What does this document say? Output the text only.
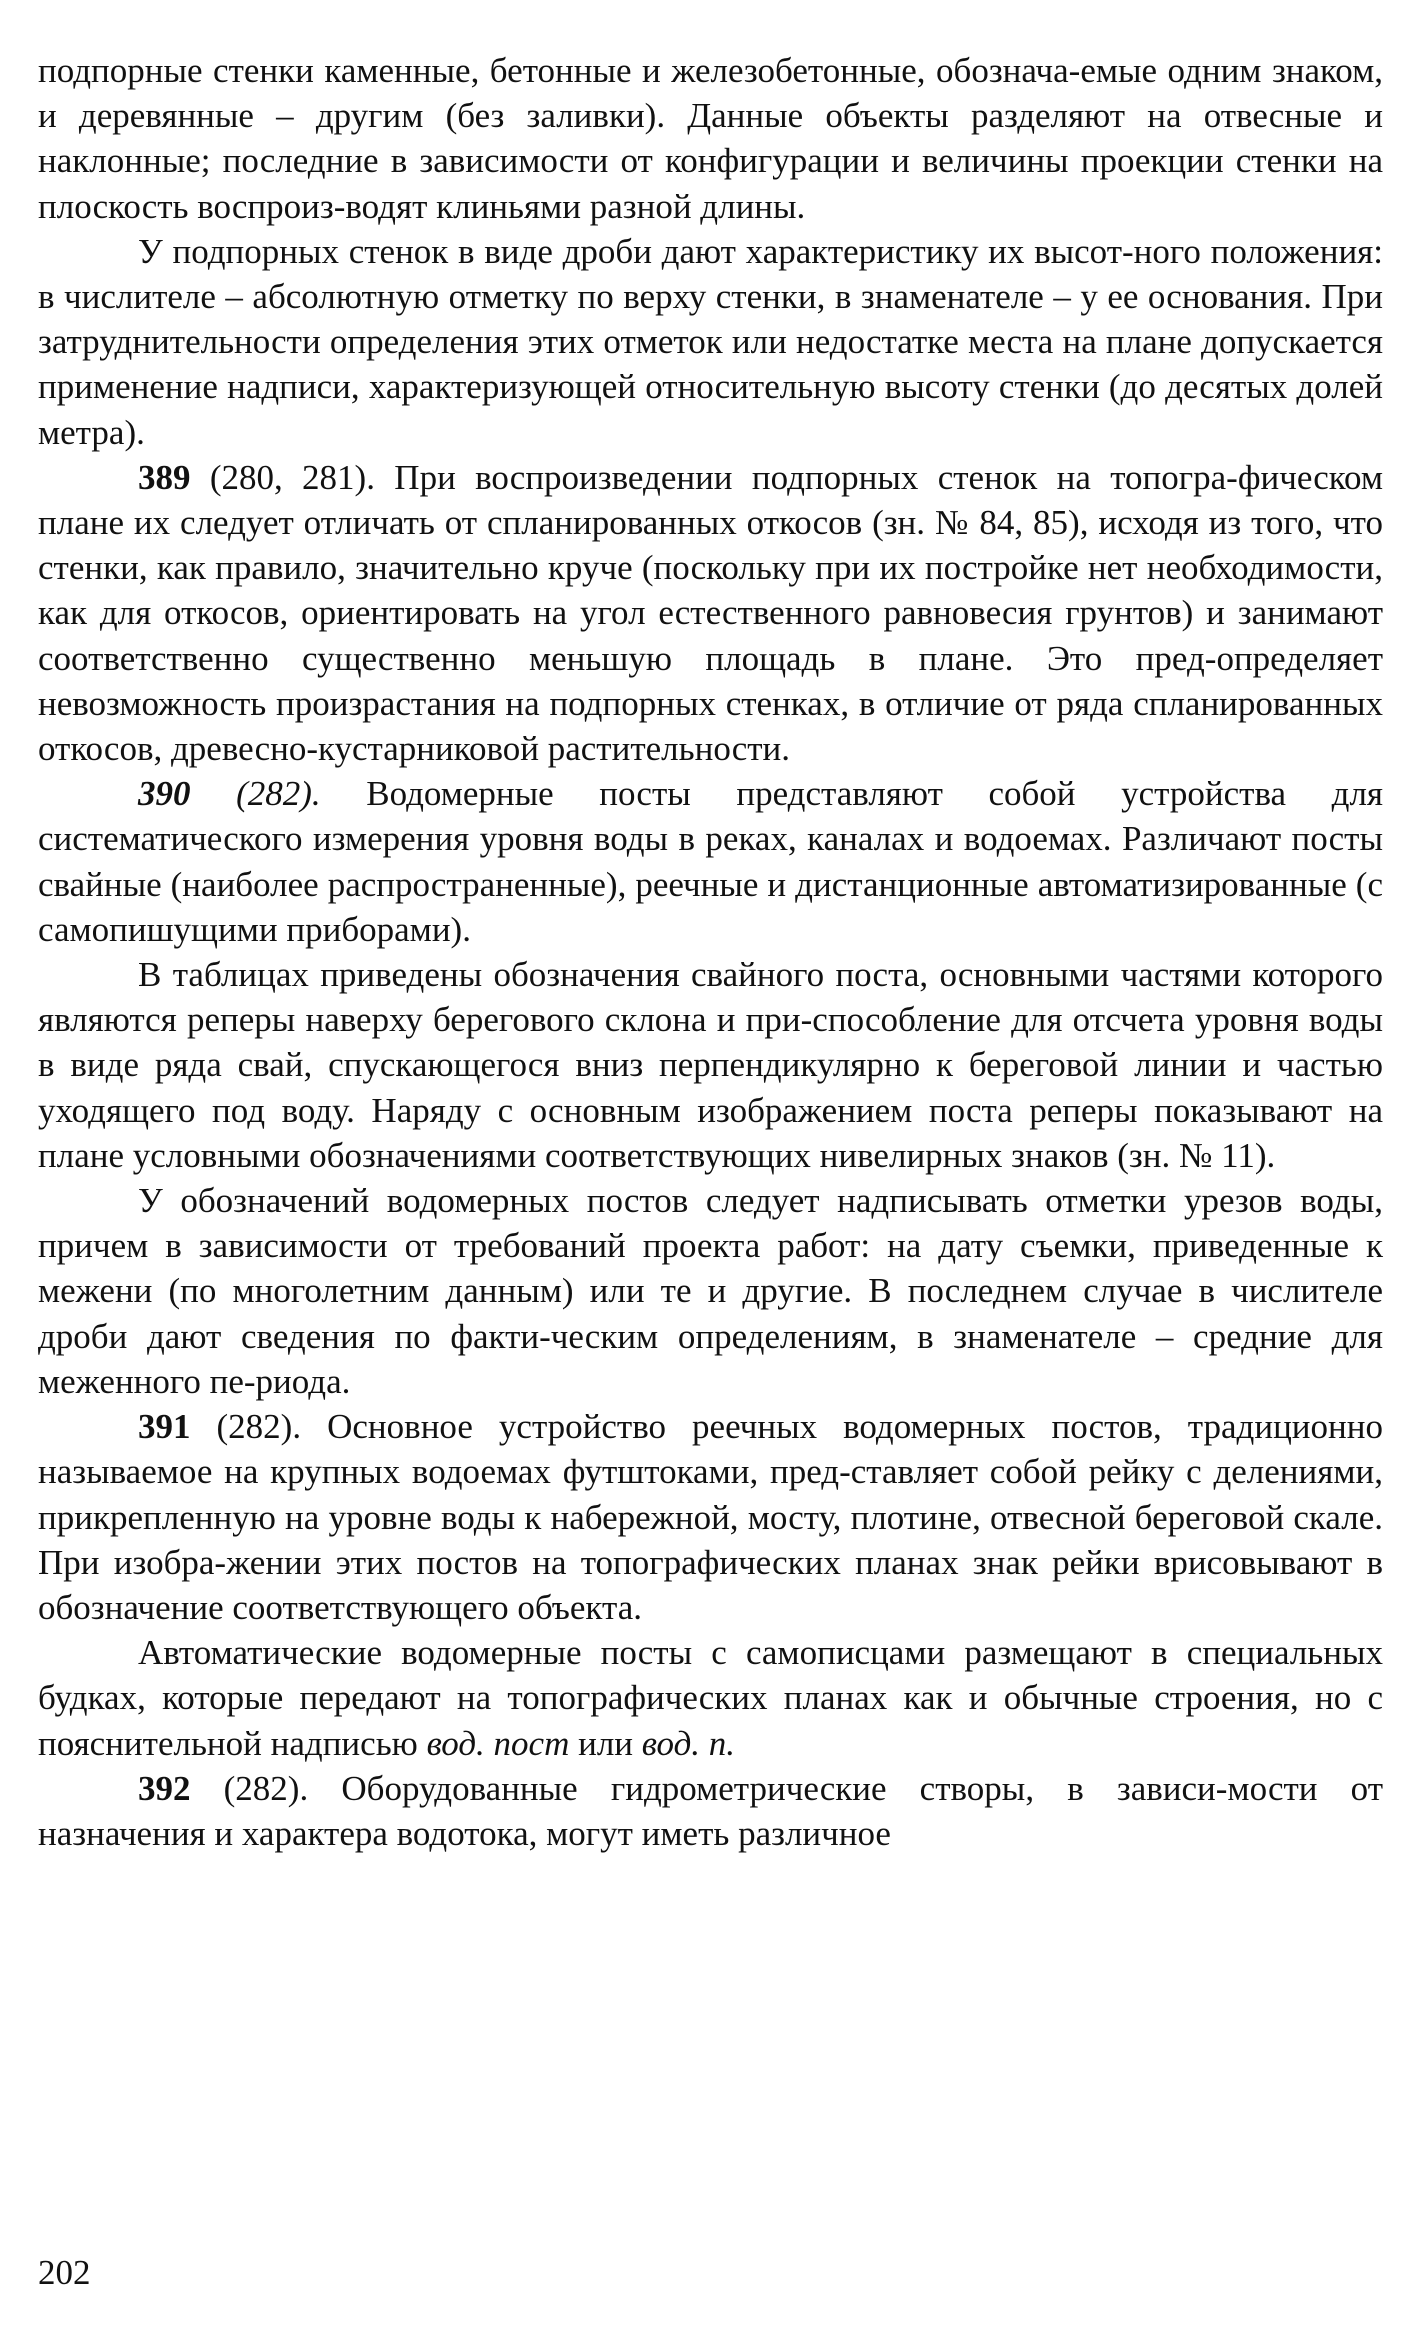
подпорные стенки каменные, бетонные и железобетонные, обознача-емые одним знаком, и деревянные – другим (без заливки). Данные объекты разделяют на отвесные и наклонные; последние в зависимости от конфигурации и величины проекции стенки на плоскость воспроиз-водят клиньями разной длины.

У подпорных стенок в виде дроби дают характеристику их высот-ного положения: в числителе – абсолютную отметку по верху стенки, в знаменателе – у ее основания. При затруднительности определения этих отметок или недостатке места на плане допускается применение надписи, характеризующей относительную высоту стенки (до десятых долей метра).

389 (280, 281). При воспроизведении подпорных стенок на топогра-фическом плане их следует отличать от спланированных откосов (зн. № 84, 85), исходя из того, что стенки, как правило, значительно круче (поскольку при их постройке нет необходимости, как для откосов, ориентировать на угол естественного равновесия грунтов) и занимают соответственно существенно меньшую площадь в плане. Это пред-определяет невозможность произрастания на подпорных стенках, в отличие от ряда спланированных откосов, древесно-кустарниковой растительности.

390 (282). Водомерные посты представляют собой устройства для систематического измерения уровня воды в реках, каналах и водоемах. Различают посты свайные (наиболее распространенные), реечные и дистанционные автоматизированные (с самопишущими приборами).

В таблицах приведены обозначения свайного поста, основными частями которого являются реперы наверху берегового склона и при-способление для отсчета уровня воды в виде ряда свай, спускающегося вниз перпендикулярно к береговой линии и частью уходящего под воду. Наряду с основным изображением поста реперы показывают на плане условными обозначениями соответствующих нивелирных знаков (зн. № 11).

У обозначений водомерных постов следует надписывать отметки урезов воды, причем в зависимости от требований проекта работ: на дату съемки, приведенные к межени (по многолетним данным) или те и другие. В последнем случае в числителе дроби дают сведения по факти-ческим определениям, в знаменателе – средние для меженного пе-риода.

391 (282). Основное устройство реечных водомерных постов, традиционно называемое на крупных водоемах футштоками, пред-ставляет собой рейку с делениями, прикрепленную на уровне воды к набережной, мосту, плотине, отвесной береговой скале. При изобра-жении этих постов на топографических планах знак рейки врисовывают в обозначение соответствующего объекта.

Автоматические водомерные посты с самописцами размещают в специальных будках, которые передают на топографических планах как и обычные строения, но с пояснительной надписью вод. пост или вод. п.

392 (282). Оборудованные гидрометрические створы, в зависи-мости от назначения и характера водотока, могут иметь различное

202
